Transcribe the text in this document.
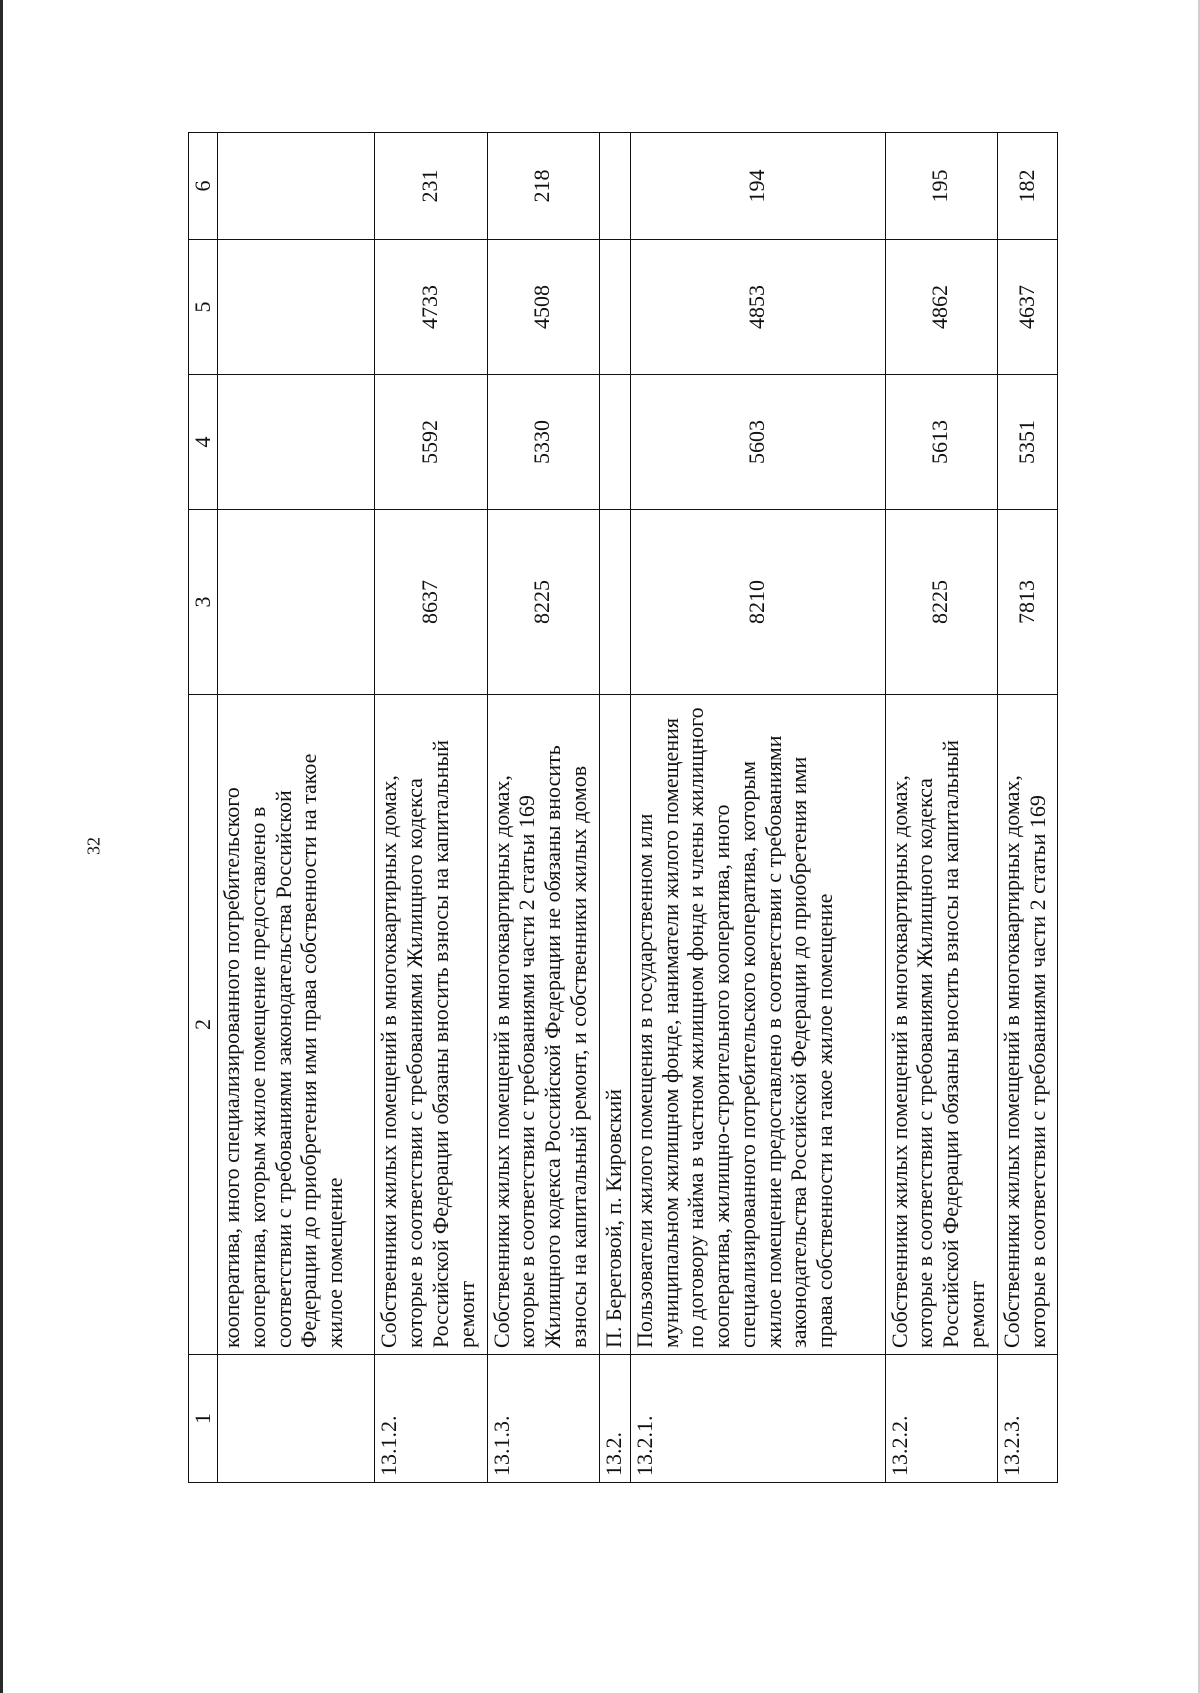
32
1	2	3	4	5	6
	кооператива, иного специализированного потребительского кооператива, которым жилое помещение предоставлено в соответствии с требованиями законодательства Российской Федерации до приобретения ими права собственности на такое жилое помещение				
13.1.2.	Собственники жилых помещений в многоквартирных домах, которые в соответствии с требованиями Жилищного кодекса Российской Федерации обязаны вносить взносы на капитальный ремонт	8637	5592	4733	231
13.1.3.	Собственники жилых помещений в многоквартирных домах, которые в соответствии с требованиями части 2 статьи 169 Жилищного кодекса Российской Федерации не обязаны вносить взносы на капитальный ремонт, и собственники жилых домов	8225	5330	4508	218
13.2.	П. Береговой, п. Кировский				
13.2.1.	Пользователи жилого помещения в государственном или муниципальном жилищном фонде, наниматели жилого помещения по договору найма в частном жилищном фонде и члены жилищного кооператива, жилищно-строительного кооператива, иного специализированного потребительского кооператива, которым жилое помещение предоставлено в соответствии с требованиями законодательства Российской Федерации до приобретения ими права собственности на такое жилое помещение	8210	5603	4853	194
13.2.2.	Собственники жилых помещений в многоквартирных домах, которые в соответствии с требованиями Жилищного кодекса Российской Федерации обязаны вносить взносы на капитальный ремонт	8225	5613	4862	195
13.2.3.	Собственники жилых помещений в многоквартирных домах, которые в соответствии с требованиями части 2 статьи 169	7813	5351	4637	182
